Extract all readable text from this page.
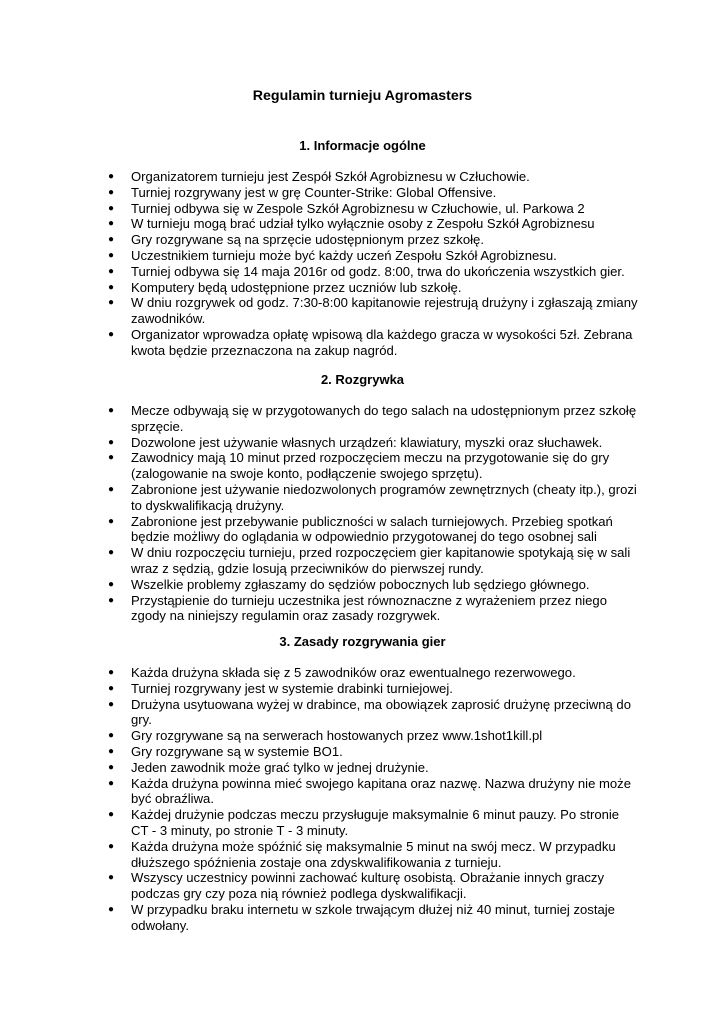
Regulamin turnieju Agromasters
1. Informacje ogólne
●	Organizatorem turnieju jest Zespół Szkół Agrobiznesu w Człuchowie.
●	Turniej rozgrywany jest w grę Counter-Strike: Global Offensive.
●	Turniej odbywa się w Zespole Szkół Agrobiznesu w Człuchowie, ul. Parkowa 2
●	W turnieju mogą brać udział tylko wyłącznie osoby z Zespołu Szkół Agrobiznesu
●	Gry rozgrywane są na sprzęcie udostępnionym przez szkołę.
●	Uczestnikiem turnieju może być każdy uczeń Zespołu Szkół Agrobiznesu.
●	Turniej odbywa się 14 maja 2016r od godz. 8:00, trwa do ukończenia wszystkich gier.
●	Komputery będą udostępnione przez uczniów lub szkołę.
●	W dniu rozgrywek od godz. 7:30-8:00 kapitanowie rejestrują drużyny i zgłaszają zmiany zawodników.
●	Organizator wprowadza opłatę wpisową dla każdego gracza w wysokości 5zł. Zebrana kwota będzie przeznaczona na zakup nagród.
2. Rozgrywka
●	Mecze odbywają się w przygotowanych do tego salach na udostępnionym przez szkołę sprzęcie.
●	Dozwolone jest używanie własnych urządzeń: klawiatury, myszki oraz słuchawek.
●	Zawodnicy mają 10 minut przed rozpoczęciem meczu na przygotowanie się do gry (zalogowanie na swoje konto, podłączenie swojego sprzętu).
●	Zabronione jest używanie niedozwolonych programów zewnętrznych (cheaty itp.), grozi to dyskwalifikacją drużyny.
●	Zabronione jest przebywanie publiczności w salach turniejowych. Przebieg spotkań będzie możliwy do oglądania w odpowiednio przygotowanej do tego osobnej sali
●	W dniu rozpoczęciu turnieju, przed rozpoczęciem gier kapitanowie spotykają się w sali wraz z sędzią, gdzie losują przeciwników do pierwszej rundy.
●	Wszelkie problemy zgłaszamy do sędziów pobocznych lub sędziego głównego.
●	Przystąpienie do turnieju uczestnika jest równoznaczne z wyrażeniem przez niego zgody na niniejszy regulamin oraz zasady rozgrywek.
3. Zasady rozgrywania gier
●	Każda drużyna składa się z 5 zawodników oraz ewentualnego rezerwowego.
●	Turniej rozgrywany jest w systemie drabinki turniejowej.
●	Drużyna usytuowana wyżej w drabince, ma obowiązek zaprosić drużynę przeciwną do gry.
●	Gry rozgrywane są na serwerach hostowanych przez www.1shot1kill.pl
●	Gry rozgrywane są w systemie BO1.
●	Jeden zawodnik może grać tylko w jednej drużynie.
●	Każda drużyna powinna mieć swojego kapitana oraz nazwę. Nazwa drużyny nie może być obraźliwa.
●	Każdej drużynie podczas meczu przysługuje maksymalnie 6 minut pauzy. Po stronie CT - 3 minuty, po stronie T - 3 minuty.
●	Każda drużyna może spóźnić się maksymalnie 5 minut na swój mecz. W przypadku dłuższego spóźnienia zostaje ona zdyskwalifikowania z turnieju.
●	Wszyscy uczestnicy powinni zachować kulturę osobistą. Obrażanie innych graczy podczas gry czy poza nią również podlega dyskwalifikacji.
●	W przypadku braku internetu w szkole trwającym dłużej niż 40 minut, turniej zostaje odwołany.
